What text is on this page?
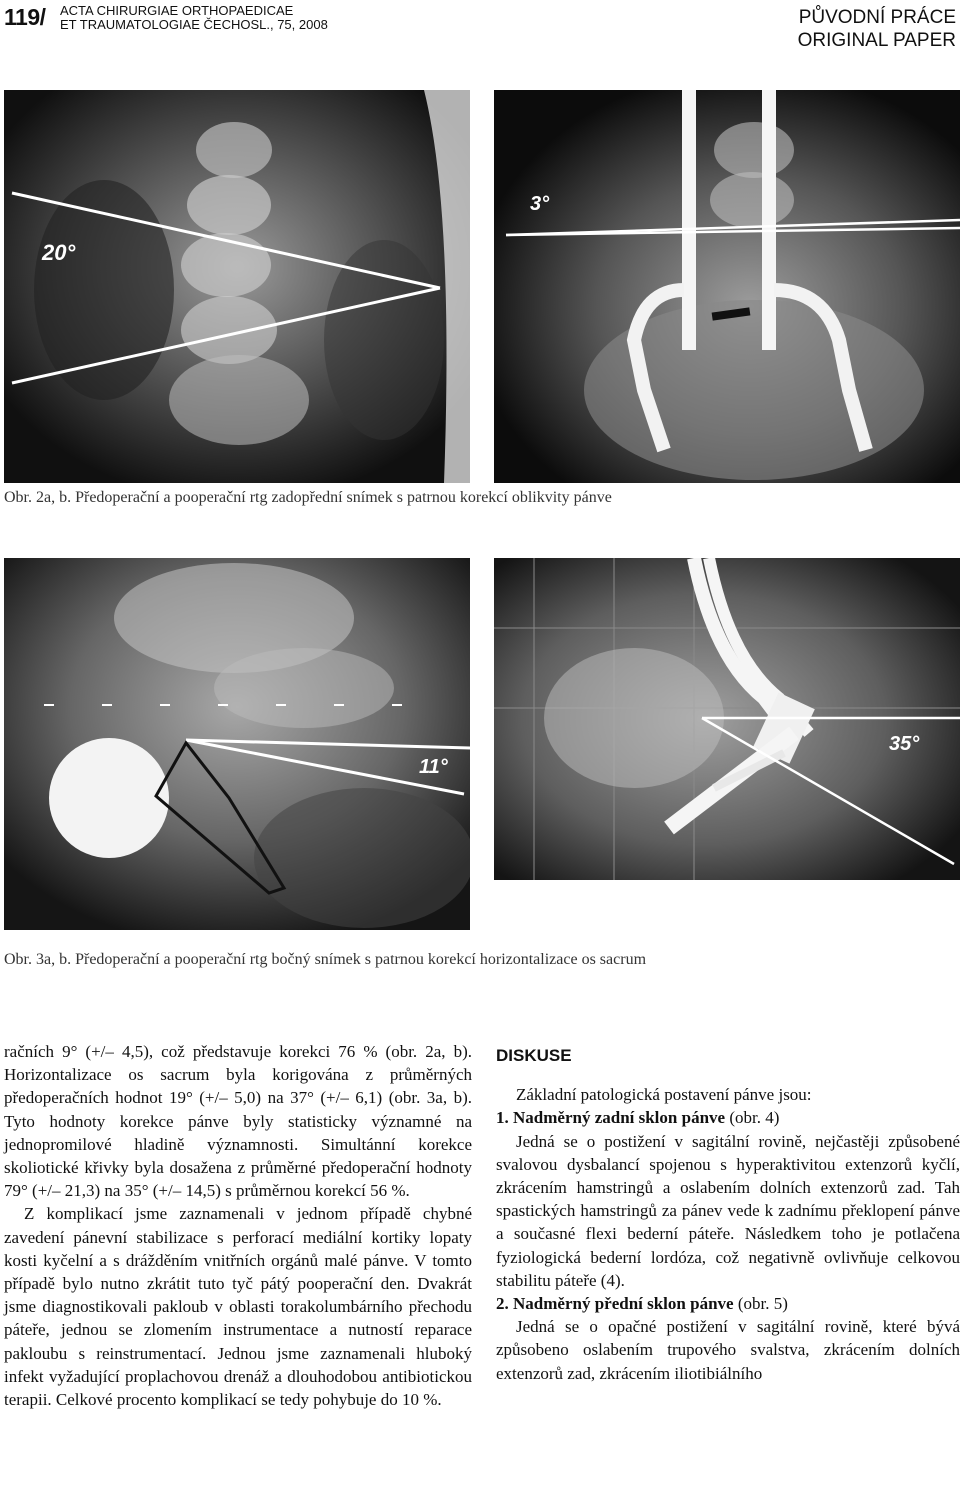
119/ ACTA CHIRURGIAE ORTHOPAEDICAE
ET TRAUMATOLOGIAE ČECHOSL., 75, 2008	PŮVODNÍ PRÁCE
ORIGINAL PAPER
20°
3°
Obr. 2a, b. Předoperační a pooperační rtg zadopřední snímek s patrnou korekcí oblikvity pánve
11°
35°
Obr. 3a, b. Předoperační a pooperační rtg bočný snímek s patrnou korekcí horizontalizace os sacrum

račních 9° (+/– 4,5), což představuje korekci 76 % (obr. 2a, b). Horizontalizace os sacrum byla korigována z průměrných předoperačních hodnot 19° (+/– 5,0) na 37° (+/– 6,1) (obr. 3a, b). Tyto hodnoty korekce pánve byly statisticky významné na jednopromilové hladině významnosti. Simultánní korekce skoliotické křivky byla dosažena z průměrné předoperační hodnoty 79° (+/– 21,3) na 35° (+/– 14,5) s průměrnou korekcí 56 %.

Z komplikací jsme zaznamenali v jednom případě chybné zavedení pánevní stabilizace s perforací mediální kortiky lopaty kosti kyčelní a s drážděním vnitřních orgánů malé pánve. V tomto případě bylo nutno zkrátit tuto tyč pátý pooperační den. Dvakrát jsme diagnostikovali pakloub v oblasti torakolumbárního přechodu páteře, jednou se zlomením instrumentace a nutností reparace pakloubu s reinstrumentací. Jednou jsme zaznamenali hluboký infekt vyžadující proplachovou drenáž a dlouhodobou antibiotickou terapii. Celkové procento komplikací se tedy pohybuje do 10 %.

DISKUSE

Základní patologická postavení pánve jsou:

1. Nadměrný zadní sklon pánve (obr. 4)

Jedná se o postižení v sagitální rovině, nejčastěji způsobené svalovou dysbalancí spojenou s hyperaktivitou extenzorů kyčlí, zkrácením hamstringů a oslabením dolních extenzorů zad. Tah spastických hamstringů za pánev vede k zadnímu překlopení pánve a současné flexi bederní páteře. Následkem toho je potlačena fyziologická bederní lordóza, což negativně ovlivňuje celkovou stabilitu páteře (4).

2. Nadměrný přední sklon pánve (obr. 5)

Jedná se o opačné postižení v sagitální rovině, které bývá způsobeno oslabením trupového svalstva, zkrácením dolních extenzorů zad, zkrácením iliotibiálního
